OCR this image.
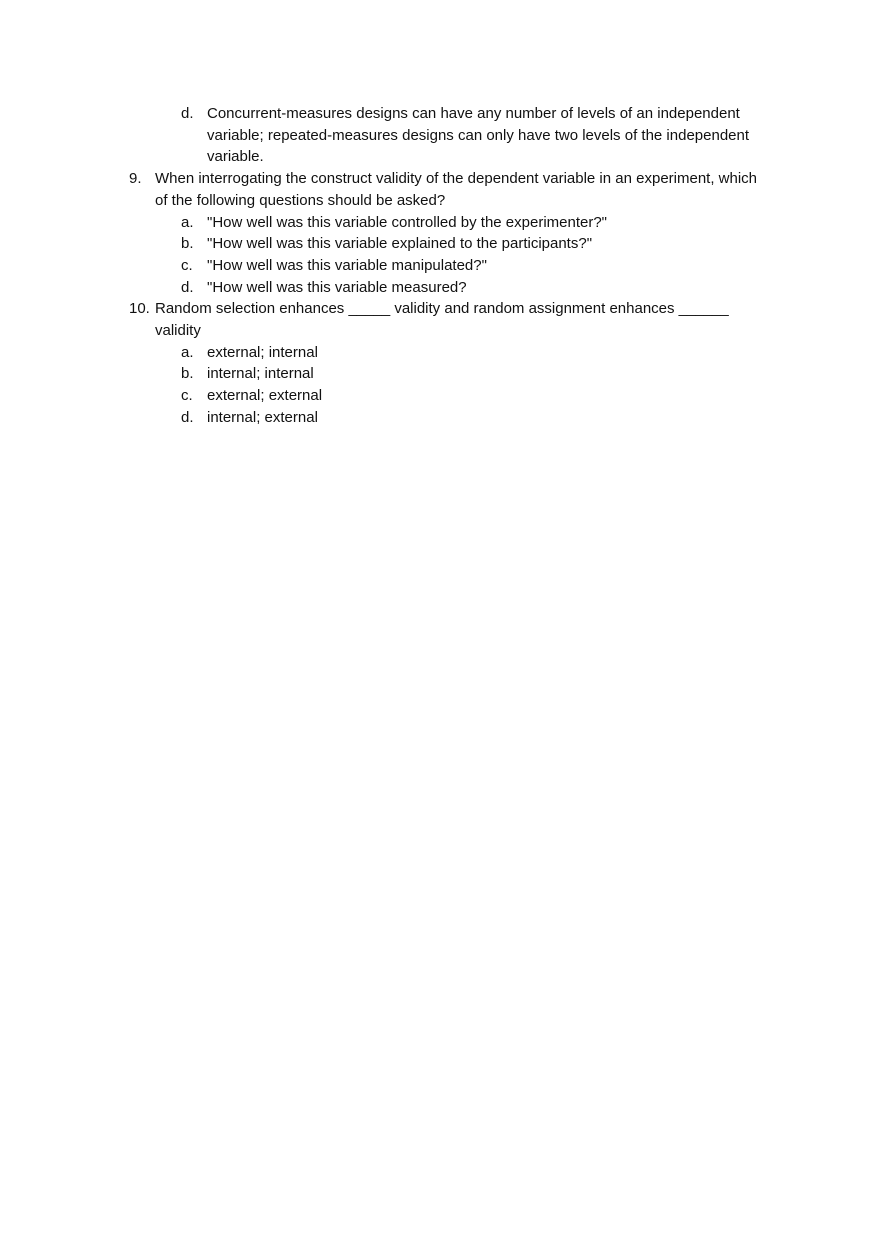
d. Concurrent-measures designs can have any number of levels of an independent variable; repeated-measures designs can only have two levels of the independent variable.
9. When interrogating the construct validity of the dependent variable in an experiment, which of the following questions should be asked?
a. "How well was this variable controlled by the experimenter?"
b. "How well was this variable explained to the participants?"
c. "How well was this variable manipulated?"
d. "How well was this variable measured?
10. Random selection enhances _____ validity and random assignment enhances ______ validity
a. external; internal
b. internal; internal
c. external; external
d. internal; external
